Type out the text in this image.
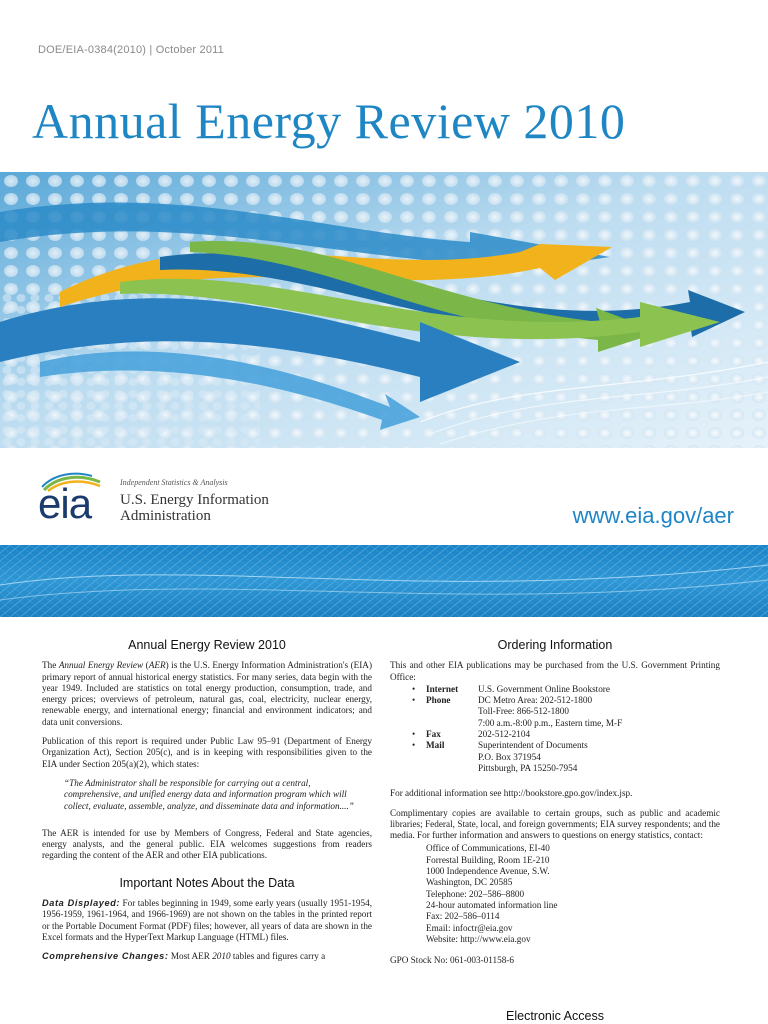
DOE/EIA-0384(2010) | October 2011
Annual Energy Review 2010
eia	Independent Statistics & Analysis
U.S. Energy Information
Administration	www.eia.gov/aer
Annual Energy Review 2010

The Annual Energy Review (AER) is the U.S. Energy Information Administration's (EIA) primary report of annual historical energy statistics. For many series, data begin with the year 1949. Included are statistics on total energy production, consumption, trade, and energy prices; overviews of petroleum, natural gas, coal, electricity, nuclear energy, renewable energy, and international energy; financial and environment indicators; and data unit conversions.

Publication of this report is required under Public Law 95–91 (Department of Energy Organization Act), Section 205(c), and is in keeping with responsibilities given to the EIA under Section 205(a)(2), which states:

“The Administrator shall be responsible for carrying out a central, comprehensive, and unified energy data and information program which will collect, evaluate, assemble, analyze, and disseminate data and information....”

The AER is intended for use by Members of Congress, Federal and State agencies, energy analysts, and the general public. EIA welcomes suggestions from readers regarding the content of the AER and other EIA publications.

Important Notes About the Data

Data Displayed: For tables beginning in 1949, some early years (usually 1951-1954, 1956-1959, 1961-1964, and 1966-1969) are not shown on the tables in the printed report or the Portable Document Format (PDF) files; however, all years of data are shown in the Excel formats and the HyperText Markup Language (HTML) files.

Comprehensive Changes: Most AER 2010 tables and figures carry a

Ordering Information

This and other EIA publications may be purchased from the U.S. Government Printing Office:

•	Internet	U.S. Government Online Bookstore
•	Phone	DC Metro Area: 202-512-1800
Toll-Free: 866-512-1800
7:00 a.m.-8:00 p.m., Eastern time, M-F

•	Fax	202-512-2104
•	Mail	Superintendent of Documents
P.O. Box 371954
Pittsburgh, PA 15250-7954

For additional information see http://bookstore.gpo.gov/index.jsp.

Complimentary copies are available to certain groups, such as public and academic libraries; Federal, State, local, and foreign governments; EIA survey respondents; and the media. For further information and answers to questions on energy statistics, contact:

Office of Communications, EI-40
Forrestal Building, Room 1E-210
1000 Independence Avenue, S.W.
Washington, DC 20585
Telephone: 202–586–8800
24-hour automated information line
Fax: 202–586–0114
Email: infoctr@eia.gov
Website: http://www.eia.gov

GPO Stock No: 061-003-01158-6

Electronic Access
